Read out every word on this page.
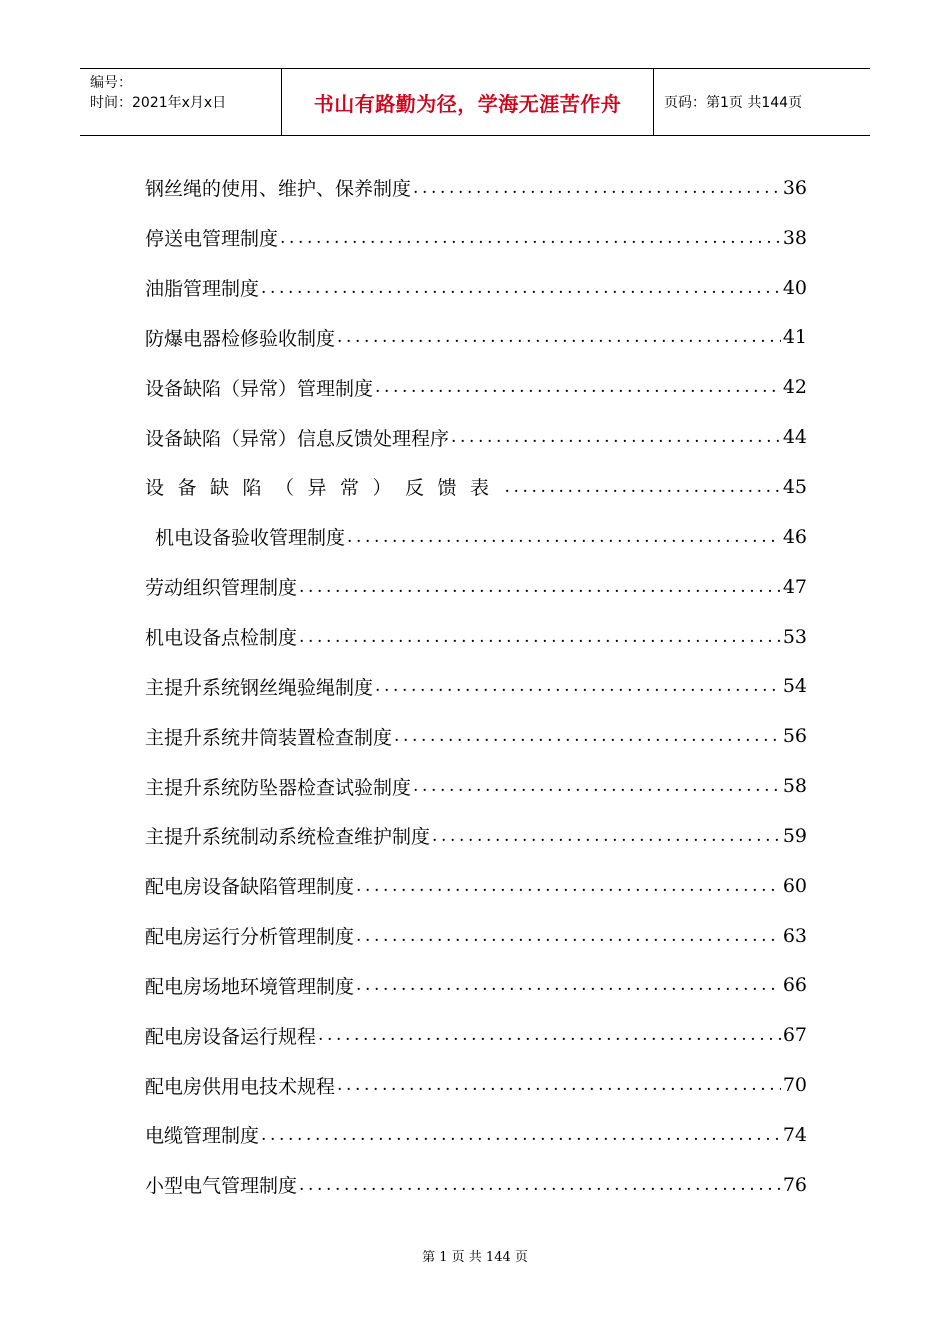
编号：
时间：2021年x月x日	书山有路勤为径，学海无涯苦作舟	页码：第1页 共144页
钢丝绳的使用、维护、保养制度 .....	36
停送电管理制度 .....	38
油脂管理制度 .....	40
防爆电器检修验收制度 .....	41
设备缺陷（异常）管理制度 .....	42
设备缺陷（异常）信息反馈处理程序 .....	44
设备缺陷（异常）反馈表 .....	45
机电设备验收管理制度 .....	46
劳动组织管理制度 .....	47
机电设备点检制度 .....	53
主提升系统钢丝绳验绳制度 .....	54
主提升系统井筒装置检查制度 .....	56
主提升系统防坠器检查试验制度 .....	58
主提升系统制动系统检查维护制度 .....	59
配电房设备缺陷管理制度 .....	60
配电房运行分析管理制度 .....	63
配电房场地环境管理制度 .....	66
配电房设备运行规程 .....	67
配电房供用电技术规程 .....	70
电缆管理制度 .....	74
小型电气管理制度 .....	76
第 1 页 共 144 页
